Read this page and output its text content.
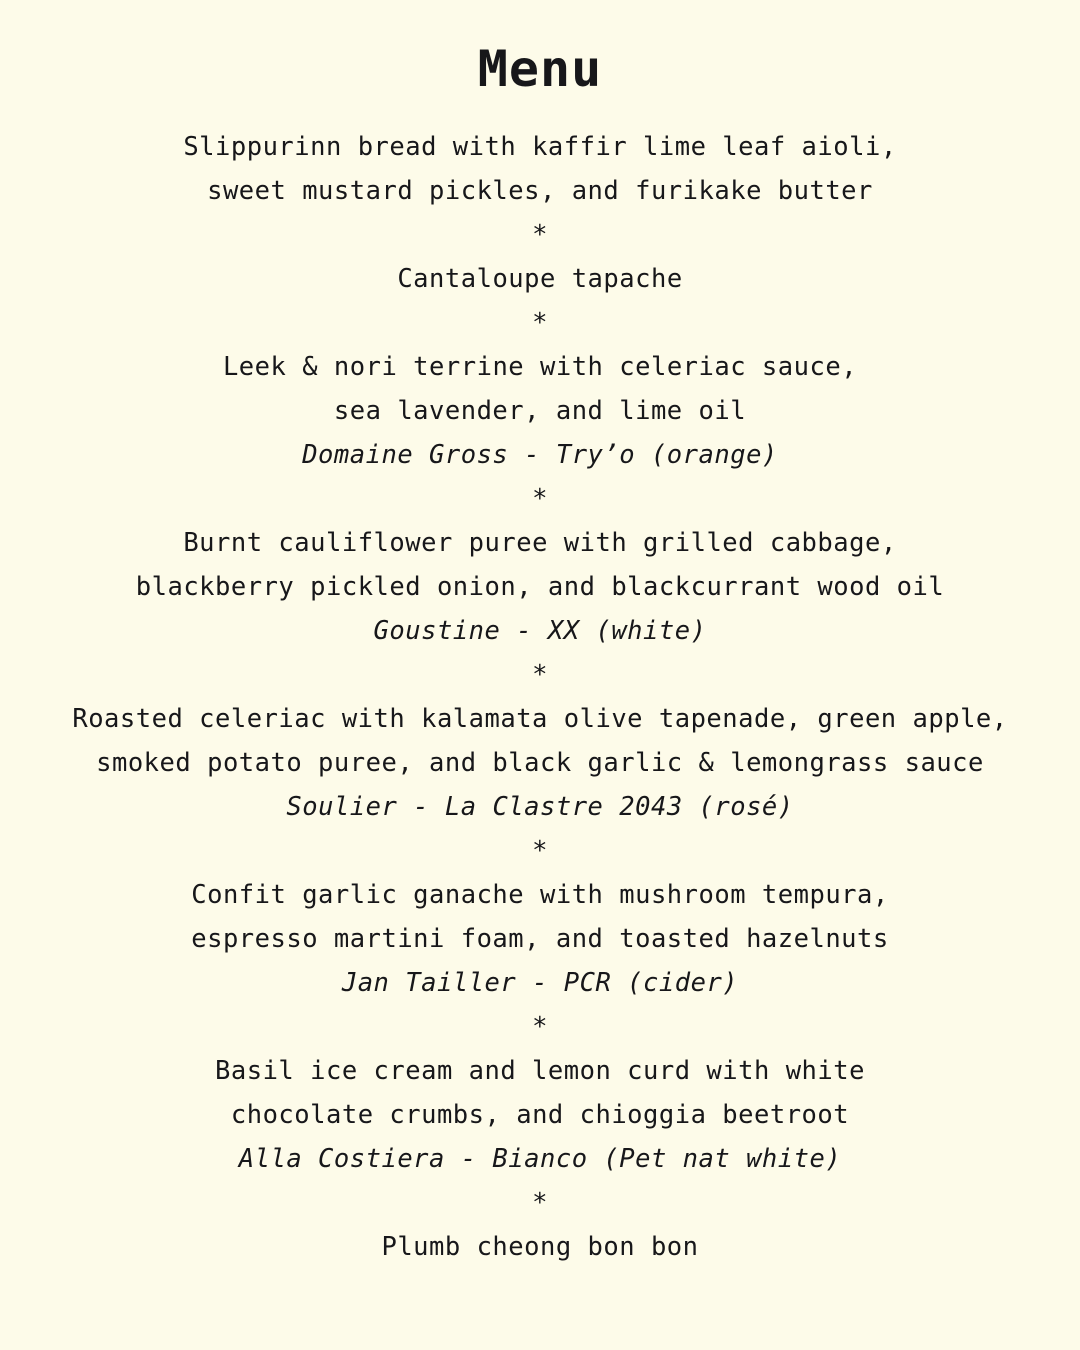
Menu
Slippurinn bread with kaffir lime leaf aioli,
sweet mustard pickles, and furikake butter
*
Cantaloupe tapache
*
Leek & nori terrine with celeriac sauce,
sea lavender, and lime oil
Domaine Gross - Try’o (orange)
*
Burnt cauliflower puree with grilled cabbage,
blackberry pickled onion, and blackcurrant wood oil
Goustine - XX (white)
*
Roasted celeriac with kalamata olive tapenade, green apple,
smoked potato puree, and black garlic & lemongrass sauce
Soulier - La Clastre 2043 (rosé)
*
Confit garlic ganache with mushroom tempura,
espresso martini foam, and toasted hazelnuts
Jan Tailler - PCR (cider)
*
Basil ice cream and lemon curd with white
chocolate crumbs, and chioggia beetroot
Alla Costiera - Bianco (Pet nat white)
*
Plumb cheong bon bon
